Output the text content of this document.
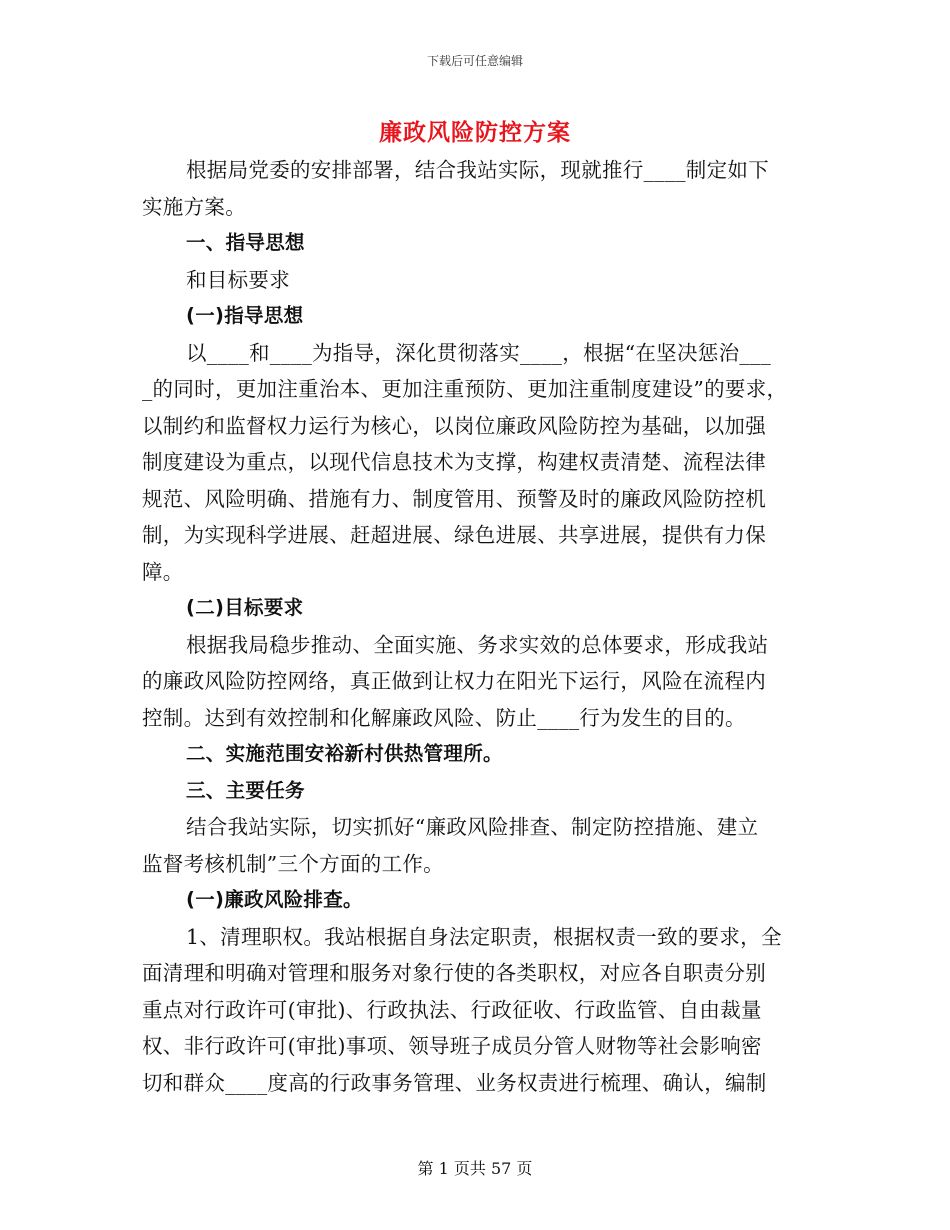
下载后可任意编辑
廉政风险防控方案
根据局党委的安排部署，结合我站实际，现就推行____制定如下
实施方案。
一、指导思想
和目标要求
(一)指导思想
以____和____为指导，深化贯彻落实____，根据“在坚决惩治___
_的同时，更加注重治本、更加注重预防、更加注重制度建设”的要求，
以制约和监督权力运行为核心，以岗位廉政风险防控为基础，以加强
制度建设为重点，以现代信息技术为支撑，构建权责清楚、流程法律
规范、风险明确、措施有力、制度管用、预警及时的廉政风险防控机
制，为实现科学进展、赶超进展、绿色进展、共享进展，提供有力保
障。
(二)目标要求
根据我局稳步推动、全面实施、务求实效的总体要求，形成我站
的廉政风险防控网络，真正做到让权力在阳光下运行，风险在流程内
控制。达到有效控制和化解廉政风险、防止____行为发生的目的。
二、实施范围安裕新村供热管理所。
三、主要任务
结合我站实际，切实抓好“廉政风险排查、制定防控措施、建立
监督考核机制”三个方面的工作。
(一)廉政风险排查。
1、清理职权。我站根据自身法定职责，根据权责一致的要求，全
面清理和明确对管理和服务对象行使的各类职权，对应各自职责分别
重点对行政许可(审批)、行政执法、行政征收、行政监管、自由裁量
权、非行政许可(审批)事项、领导班子成员分管人财物等社会影响密
切和群众____度高的行政事务管理、业务权责进行梳理、确认，编制
第 1 页共 57 页
